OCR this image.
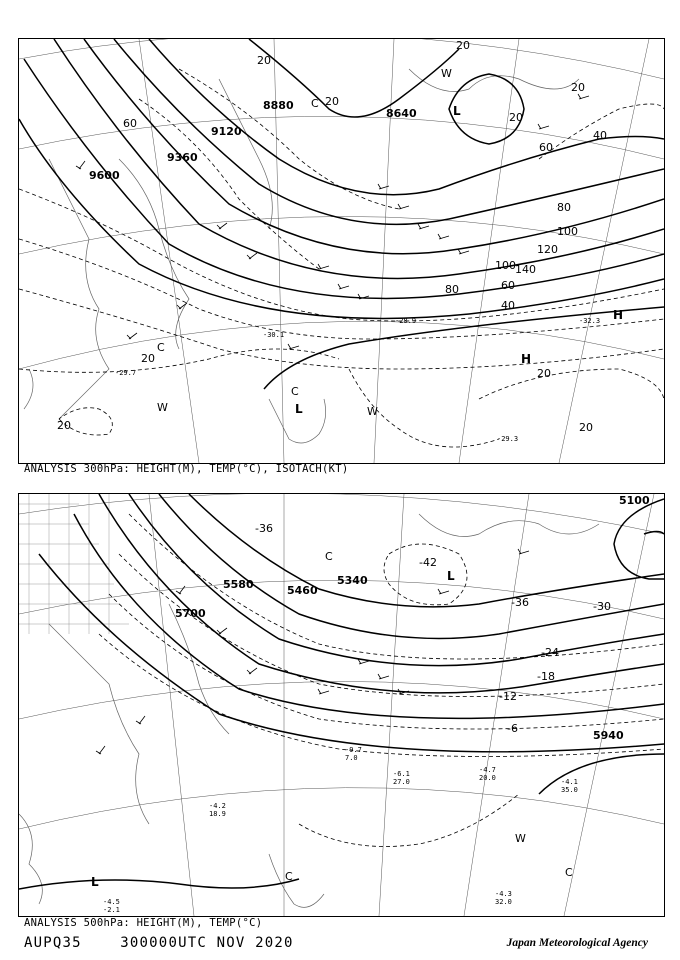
8880
8640
9120
9360
9600
20
20
20
20
20
40
60
60
80
100
120
140
100
80	60
40
20
20
20
20
-32.3
-29.3
-29.7
-30.1
-28.9
L
L
H
H
W
W	W
C
C
C
ANALYSIS 300hPa: HEIGHT(M), TEMP(°C), ISOTACH(KT)
5100
5340
5460
5580
5700
5940
-36
-42
-36	-30
-24
-18
-12
-6
-4.1
35.0
-4.3
32.0
-4.7
20.0
-6.1
27.0
-4.2
18.9
-4.5
-2.1
-9.7
7.0
L
L
W
C
C
C
ANALYSIS 500hPa: HEIGHT(M), TEMP(°C)
AUPQ35	300000UTC NOV 2020	Japan Meteorological Agency
